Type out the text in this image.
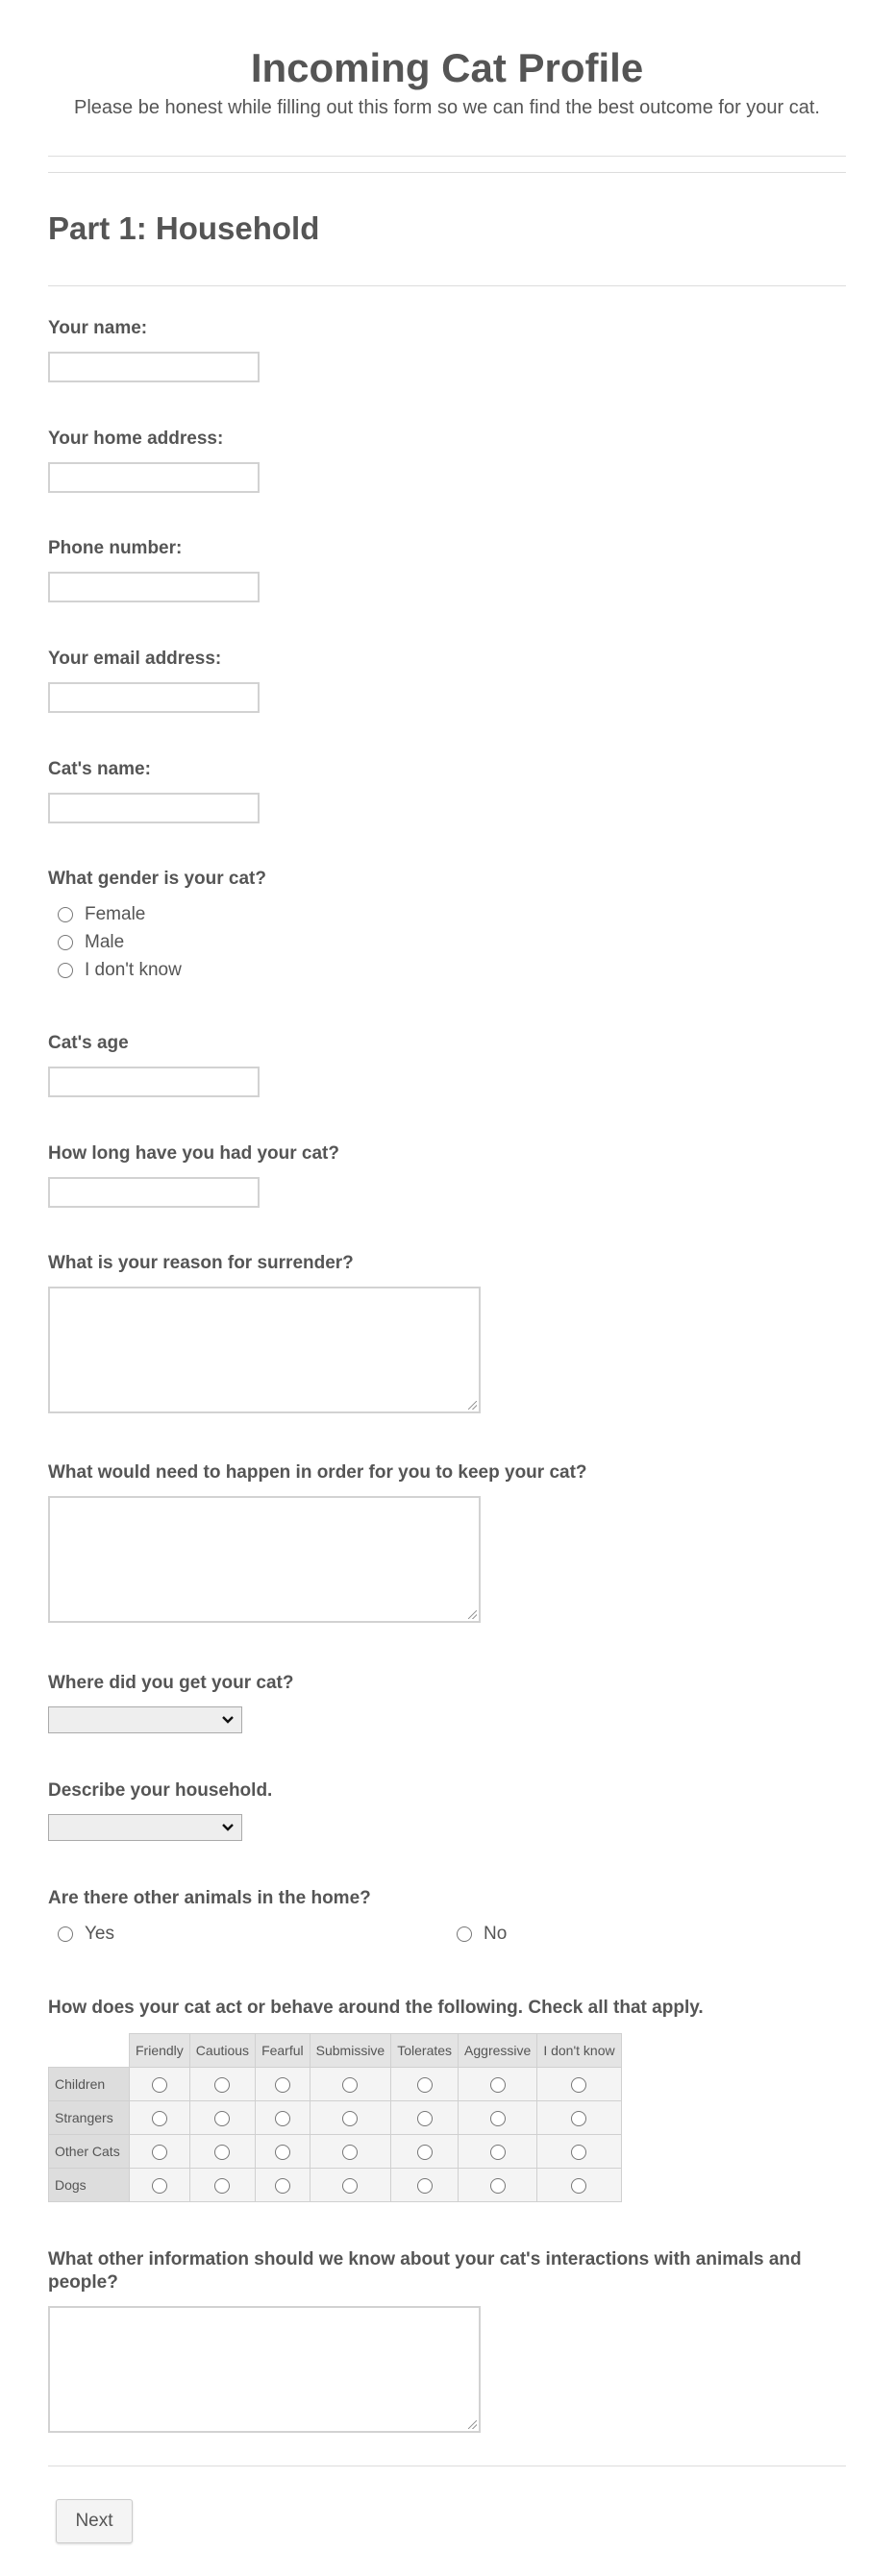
Incoming Cat Profile
Please be honest while filling out this form so we can find the best outcome for your cat.
Part 1: Household
Your name:
Your home address:
Phone number:
Your email address:
Cat's name:
What gender is your cat?
Female
Male
I don't know
Cat's age
How long have you had your cat?
What is your reason for surrender?
What would need to happen in order for you to keep your cat?
Where did you get your cat?
Describe your household.
Are there other animals in the home?
Yes	No
How does your cat act or behave around the following. Check all that apply.
	Friendly	Cautious	Fearful	Submissive	Tolerates	Aggressive	I don't know
Children							
Strangers							
Other Cats							
Dogs							
What other information should we know about your cat's interactions with animals and people?
Next
